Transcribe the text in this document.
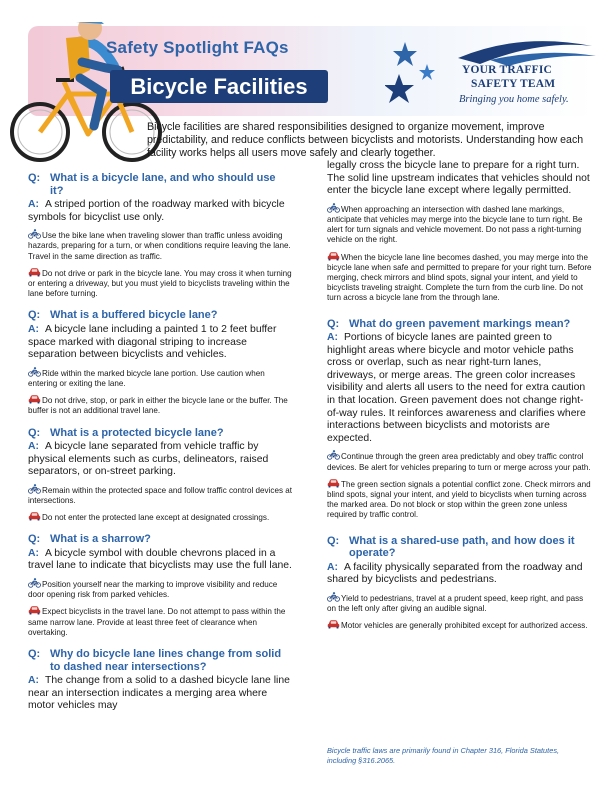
Safety Spotlight FAQs
Bicycle Facilities
YOUR TRAFFIC
SAFETY TEAM
Bringing you home safely.
Bicycle facilities are shared responsibilities designed to organize movement, improve predictability, and reduce conflicts between bicyclists and motorists. Understanding how each facility works helps all users move safely and clearly together.
Q: What is a bicycle lane, and who should use it?
A: A striped portion of the roadway marked with bicycle symbols for bicyclist use only.
Use the bike lane when traveling slower than traffic unless avoiding hazards, preparing for a turn, or when conditions require leaving the lane. Travel in the same direction as traffic.
Do not drive or park in the bicycle lane. You may cross it when turning or entering a driveway, but you must yield to bicyclists traveling within the lane before turning.
Q: What is a buffered bicycle lane?
A: A bicycle lane including a painted 1 to 2 feet buffer space marked with diagonal striping to increase separation between bicyclists and vehicles.
Ride within the marked bicycle lane portion. Use caution when entering or exiting the lane.
Do not drive, stop, or park in either the bicycle lane or the buffer. The buffer is not an additional travel lane.
Q: What is a protected bicycle lane?
A: A bicycle lane separated from vehicle traffic by physical elements such as curbs, delineators, raised separators, or on-street parking.
Remain within the protected space and follow traffic control devices at intersections.
Do not enter the protected lane except at designated crossings.
Q: What is a sharrow?
A: A bicycle symbol with double chevrons placed in a travel lane to indicate that bicyclists may use the full lane.
Position yourself near the marking to improve visibility and reduce door opening risk from parked vehicles.
Expect bicyclists in the travel lane. Do not attempt to pass within the same narrow lane. Provide at least three feet of clearance when overtaking.
Q: Why do bicycle lane lines change from solid to dashed near intersections?
A: The change from a solid to a dashed bicycle lane line near an intersection indicates a merging area where motor vehicles may
legally cross the bicycle lane to prepare for a right turn. The solid line upstream indicates that vehicles should not enter the bicycle lane except where legally permitted.
When approaching an intersection with dashed lane markings, anticipate that vehicles may merge into the bicycle lane to turn right. Be alert for turn signals and vehicle movement. Do not pass a right-turning vehicle on the right.
When the bicycle lane line becomes dashed, you may merge into the bicycle lane when safe and permitted to prepare for your right turn. Before merging, check mirrors and blind spots, signal your intent, and yield to bicyclists traveling straight. Complete the turn from the curb line. Do not turn across a bicycle lane from the through lane.
Q: What do green pavement markings mean?
A: Portions of bicycle lanes are painted green to highlight areas where bicycle and motor vehicle paths cross or overlap, such as near right-turn lanes, driveways, or merge areas. The green color increases visibility and alerts all users to the need for extra caution in that location. Green pavement does not change right-of-way rules. It reinforces awareness and clarifies where interactions between bicyclists and motorists are expected.
Continue through the green area predictably and obey traffic control devices. Be alert for vehicles preparing to turn or merge across your path.
The green section signals a potential conflict zone. Check mirrors and blind spots, signal your intent, and yield to bicyclists when turning across the marked area. Do not block or stop within the green zone unless required by traffic control.
Q: What is a shared-use path, and how does it operate?
A: A facility physically separated from the roadway and shared by bicyclists and pedestrians.
Yield to pedestrians, travel at a prudent speed, keep right, and pass on the left only after giving an audible signal.
Motor vehicles are generally prohibited except for authorized access.
Bicycle traffic laws are primarily found in Chapter 316, Florida Statutes, including §316.2065.
